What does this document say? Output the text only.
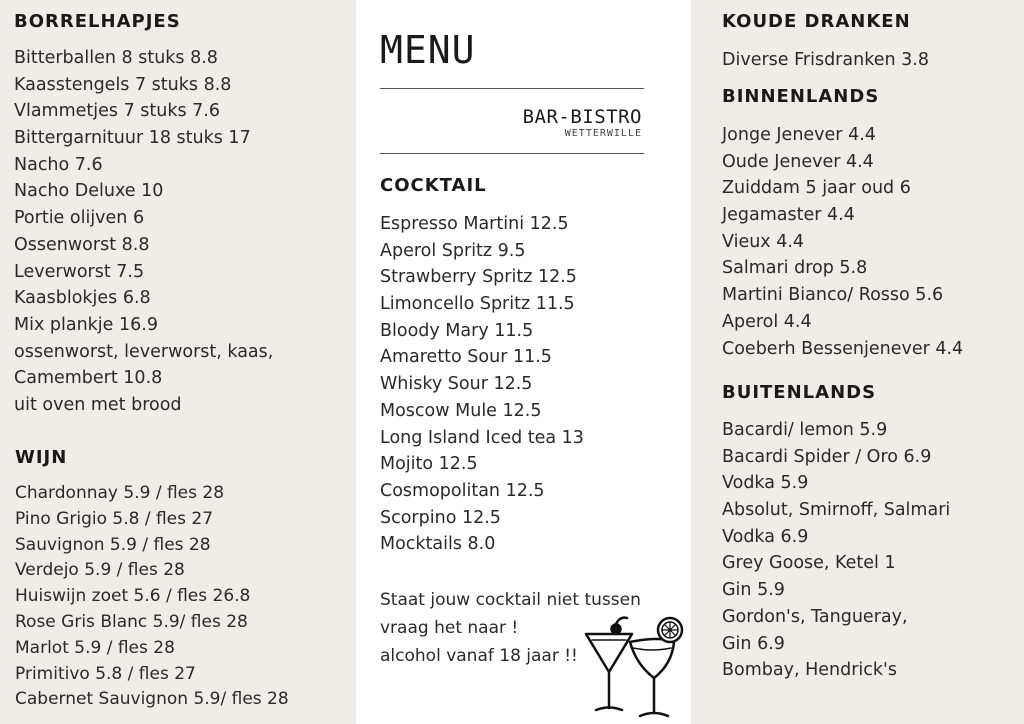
BORRELHAPJES
Bitterballen 8 stuks 8.8
Kaasstengels 7 stuks 8.8
Vlammetjes 7 stuks 7.6
Bittergarnituur 18 stuks 17
Nacho 7.6
Nacho Deluxe 10
Portie olijven 6
Ossenworst 8.8
Leverworst 7.5
Kaasblokjes 6.8
Mix plankje 16.9
ossenworst, leverworst, kaas,
Camembert 10.8
uit oven met brood
WIJN
Chardonnay 5.9 / fles 28
Pino Grigio 5.8 / fles 27
Sauvignon 5.9 / fles 28
Verdejo 5.9 / fles 28
Huiswijn zoet 5.6 / fles 26.8
Rose Gris Blanc 5.9/ fles 28
Marlot 5.9 / fles 28
Primitivo 5.8 / fles 27
Cabernet Sauvignon 5.9/ fles 28
MENU
BAR-BISTRO
WETTERWILLE
COCKTAIL
Espresso Martini 12.5
Aperol Spritz 9.5
Strawberry Spritz 12.5
Limoncello Spritz 11.5
Bloody Mary 11.5
Amaretto Sour 11.5
Whisky Sour 12.5
Moscow Mule 12.5
Long Island Iced tea 13
Mojito 12.5
Cosmopolitan 12.5
Scorpino 12.5
Mocktails 8.0
Staat jouw cocktail niet tussen
vraag het naar !
alcohol vanaf 18 jaar !!
KOUDE DRANKEN
Diverse Frisdranken 3.8
BINNENLANDS
Jonge Jenever 4.4
Oude Jenever 4.4
Zuiddam 5 jaar oud 6
Jegamaster 4.4
Vieux 4.4
Salmari drop 5.8
Martini Bianco/ Rosso 5.6
Aperol 4.4
Coeberh Bessenjenever 4.4
BUITENLANDS
Bacardi/ lemon 5.9
Bacardi Spider / Oro 6.9
Vodka 5.9
Absolut, Smirnoff, Salmari
Vodka 6.9
Grey Goose, Ketel 1
Gin 5.9
Gordon's, Tangueray,
Gin 6.9
Bombay, Hendrick's
